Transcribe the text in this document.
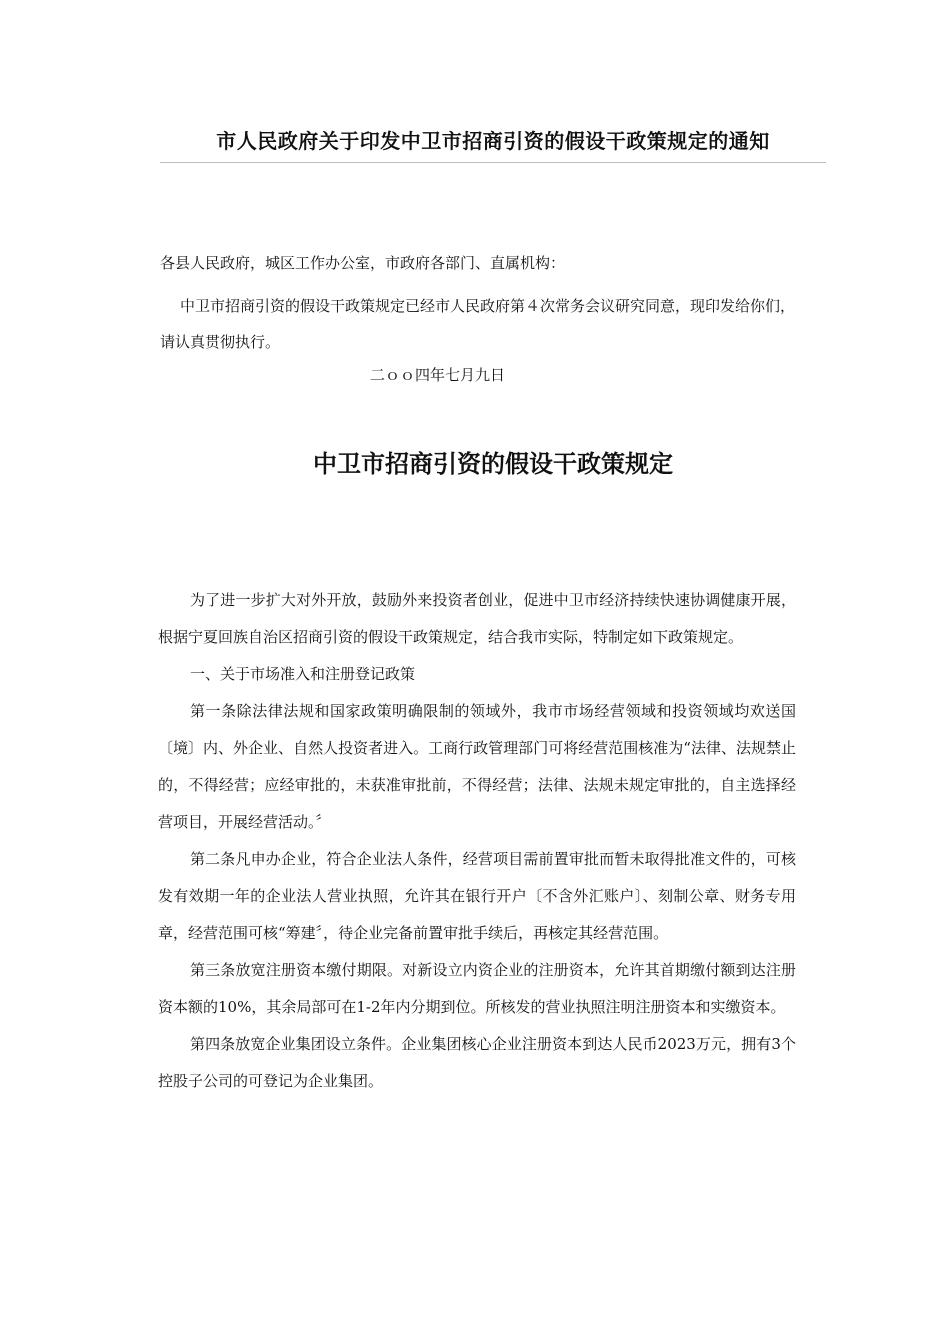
市人民政府关于印发中卫市招商引资的假设干政策规定的通知
各县人民政府，城区工作办公室，市政府各部门、直属机构：
中卫市招商引资的假设干政策规定已经市人民政府第４次常务会议研究同意，现印发给你们，请认真贯彻执行。
二ｏｏ四年七月九日
中卫市招商引资的假设干政策规定

为了进一步扩大对外开放，鼓励外来投资者创业，促进中卫市经济持续快速协调健康开展，根据宁夏回族自治区招商引资的假设干政策规定，结合我市实际，特制定如下政策规定。

一、关于市场准入和注册登记政策

第一条除法律法规和国家政策明确限制的领域外，我市市场经营领域和投资领域均欢送国〔境〕内、外企业、自然人投资者进入。工商行政管理部门可将经营范围核准为“法律、法规禁止的，不得经营；应经审批的，未获准审批前，不得经营；法律、法规未规定审批的，自主选择经营项目，开展经营活动。〞

第二条凡申办企业，符合企业法人条件，经营项目需前置审批而暂未取得批准文件的，可核发有效期一年的企业法人营业执照，允许其在银行开户〔不含外汇账户〕、刻制公章、财务专用章，经营范围可核“筹建〞，待企业完备前置审批手续后，再核定其经营范围。

第三条放宽注册资本缴付期限。对新设立内资企业的注册资本，允许其首期缴付额到达注册资本额的10%，其余局部可在1-2年内分期到位。所核发的营业执照注明注册资本和实缴资本。

第四条放宽企业集团设立条件。企业集团核心企业注册资本到达人民币2023万元，拥有3个控股子公司的可登记为企业集团。
